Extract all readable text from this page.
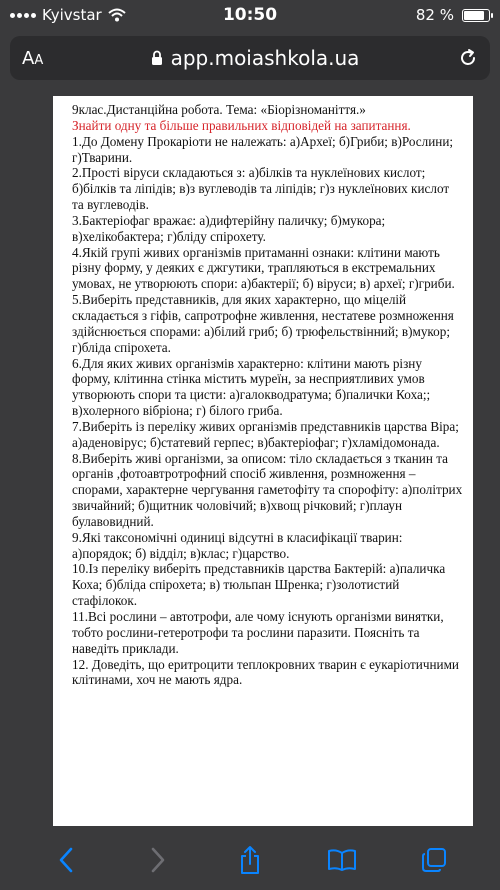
Kyivstar	10:50	82 %
AA	app.moiashkola.ua

9клас.Дистанційна робота. Тема: «Біорізноманіття.»

Знайти одну та більше правильних відповідей на запитання.

1.До Домену Прокаріоти не належать: а)Археї; б)Гриби; в)Рослини; г)Тварини.

2.Прості віруси складаються з: а)білків та нуклеїнових кислот; б)білків та ліпідів; в)з вуглеводів та ліпідів; г)з нуклеїнових кислот та вуглеводів.

3.Бактеріофаг вражає: а)дифтерійну паличку; б)мукора; в)хелікобактера; г)бліду спірохету.

4.Якій групі живих організмів притаманні ознаки: клітини мають різну форму, у деяких є джгутики, трапляються в екстремальних умовах, не утворюють спори: а)бактерії; б) віруси; в) археї; г)гриби.

5.Виберіть представників, для яких характерно, що міцелій складається з гіфів, сапротрофне живлення, нестатеве розмноження здійснюється спорами: а)білий гриб; б) трюфельствінний; в)мукор; г)бліда спірохета.

6.Для яких живих організмів характерно: клітини мають різну форму, клітинна стінка містить муреїн, за несприятливих умов утворюють спори та цисти: а)галокводратума; б)палички Коха;; в)холерного вібріона; г) білого гриба.

7.Виберіть із переліку живих організмів представників царства Віра; а)аденовірус; б)статевий герпес; в)бактеріофаг; г)хламідомонада.

8.Виберіть живі організми, за описом: тіло складається з тканин та органів ,фотоавтротрофний спосіб живлення, розмноження –спорами, характерне чергування гаметофіту та спорофіту: а)політрих звичайний; б)щитник чоловічий; в)хвощ річковий; г)плаун булавовидний.

9.Які таксономічні одиниці відсутні в класифікації тварин: а)порядок; б) відділ; в)клас; г)царство.

10.Із переліку виберіть представників царства Бактерій: а)паличка Коха; б)бліда спірохета; в) тюльпан Шренка; г)золотистий стафілокок.

11.Всі рослини – автотрофи, але чому існують організми винятки, тобто рослини-гетеротрофи та рослини паразити. Поясніть та наведіть приклади.

12. Доведіть, що еритроцити теплокровних тварин є еукаріотичними клітинами, хоч не мають ядра.
